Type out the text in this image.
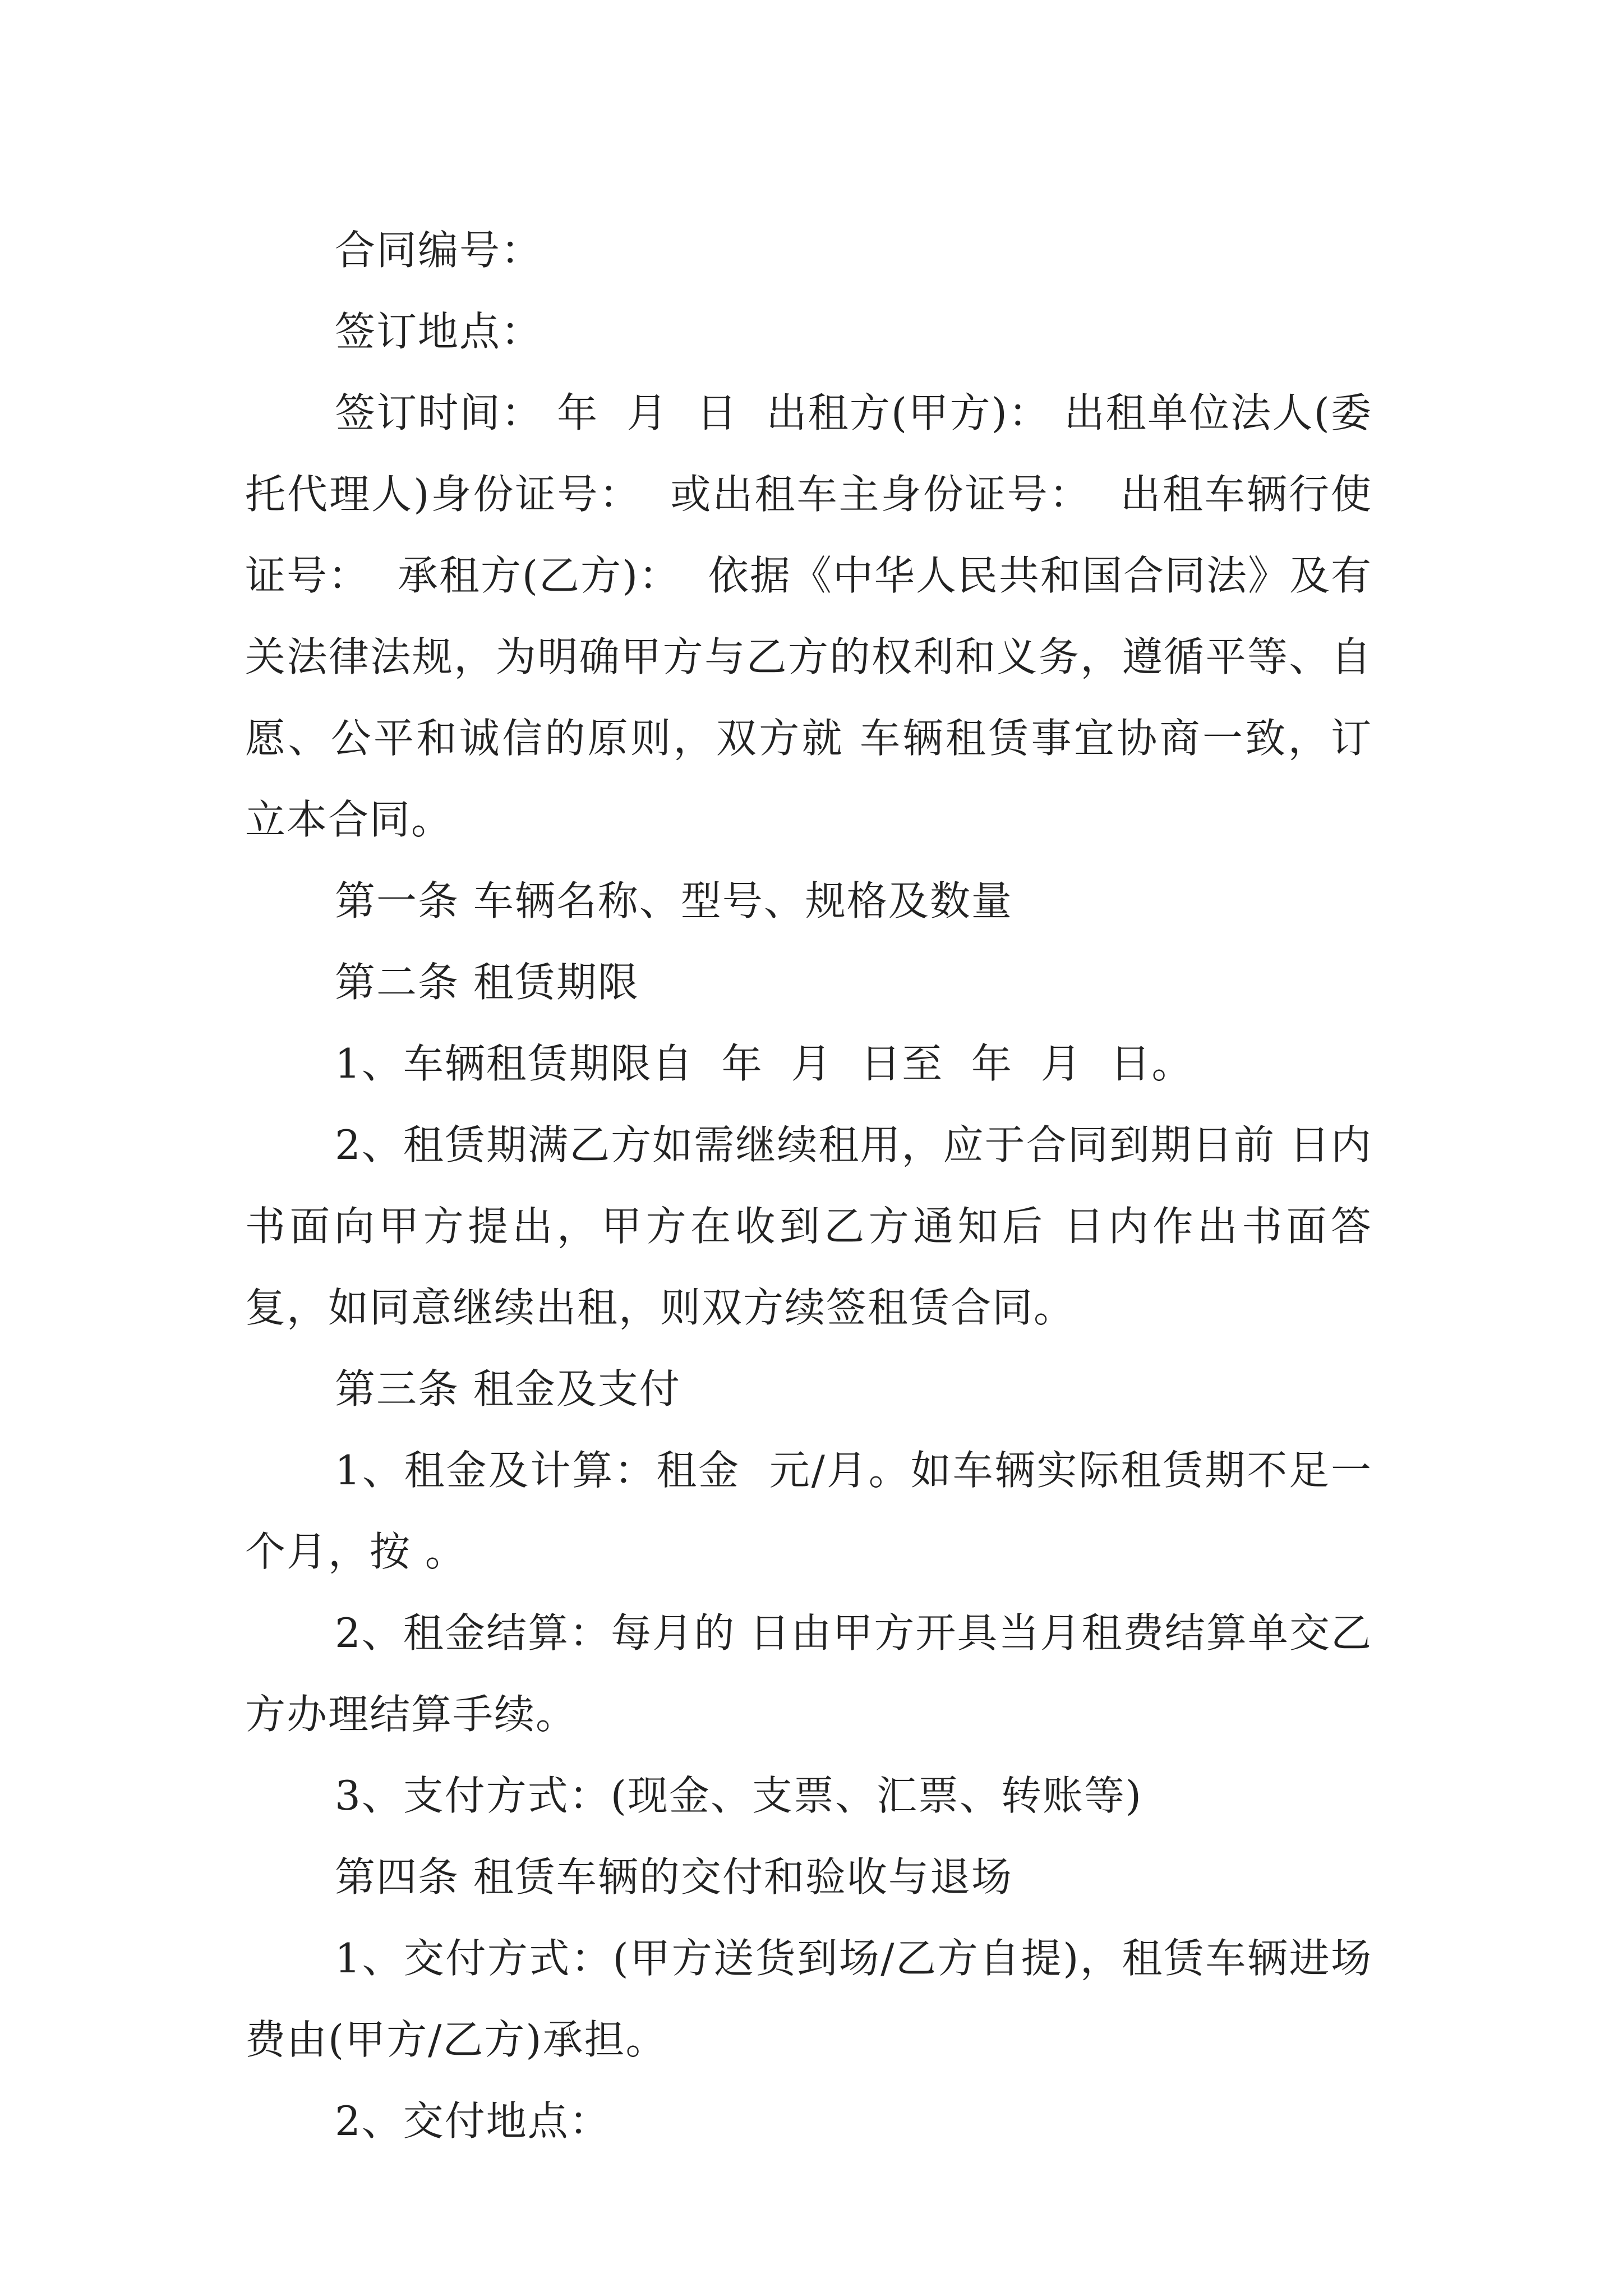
合同编号：

签订地点：

签订时间： 年  月  日  出租方(甲方)： 出租单位法人(委托代理人)身份证号：  或出租车主身份证号：  出租车辆行使证号：  承租方(乙方)：  依据《中华人民共和国合同法》及有关法律法规，为明确甲方与乙方的权利和义务，遵循平等、自愿、公平和诚信的原则，双方就 车辆租赁事宜协商一致，订立本合同。

第一条 车辆名称、型号、规格及数量

第二条 租赁期限

1、车辆租赁期限自  年  月  日至  年  月  日。

2、租赁期满乙方如需继续租用，应于合同到期日前 日内书面向甲方提出，甲方在收到乙方通知后 日内作出书面答复，如同意继续出租，则双方续签租赁合同。

第三条 租金及支付

1、租金及计算：租金  元/月。如车辆实际租赁期不足一个月，按 。

2、租金结算：每月的 日由甲方开具当月租费结算单交乙方办理结算手续。

3、支付方式：(现金、支票、汇票、转账等)

第四条 租赁车辆的交付和验收与退场

1、交付方式：(甲方送货到场/乙方自提)，租赁车辆进场费由(甲方/乙方)承担。

2、交付地点：
